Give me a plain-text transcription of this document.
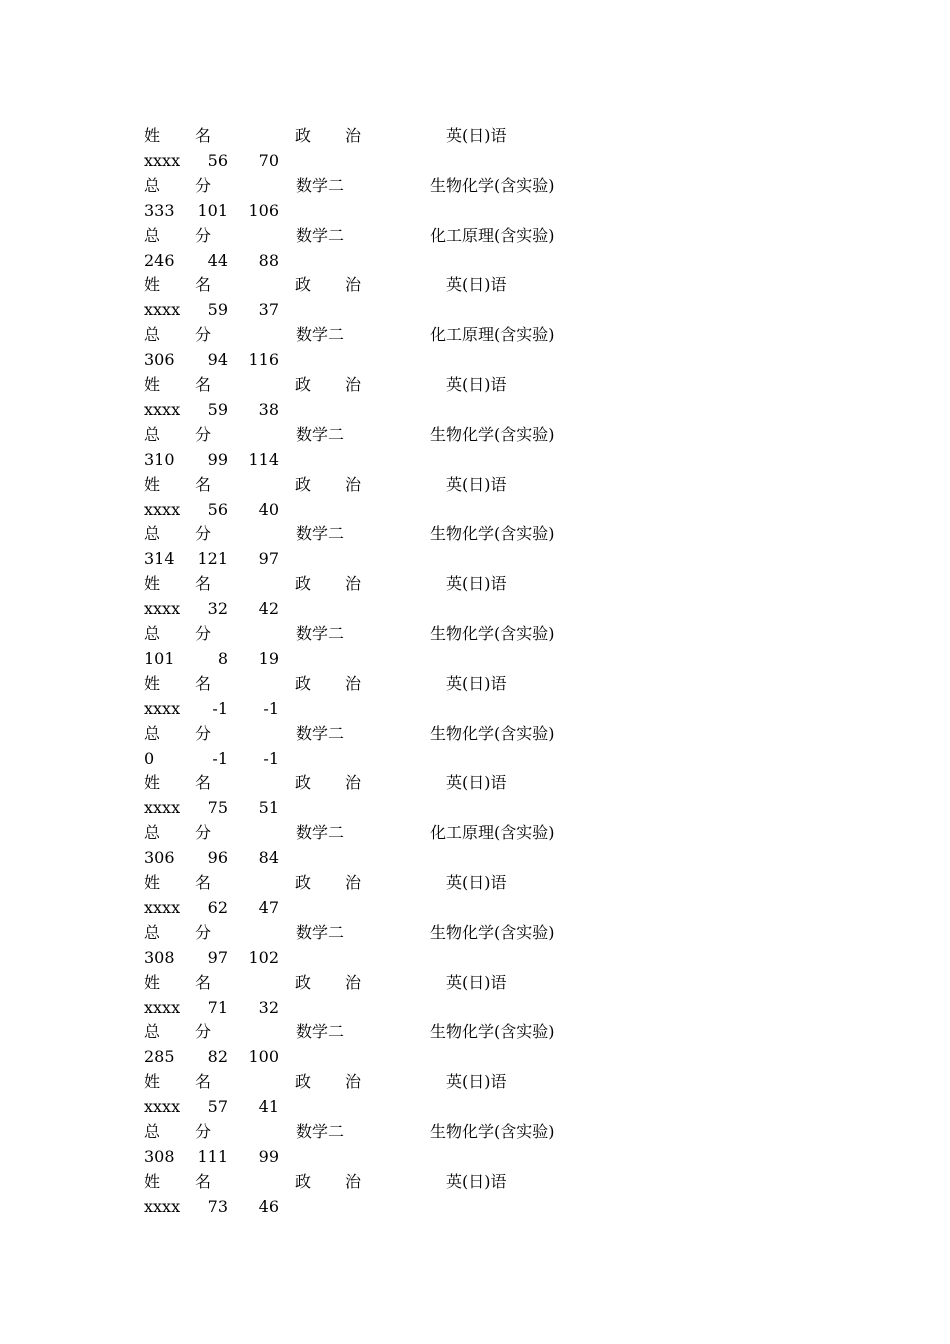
姓 名	政 治	英(日)语
xxxx 56 70
总 分	数学二	生物化学(含实验)
333 101 106
总 分	数学二	化工原理(含实验)
246 44 88
姓 名	政 治	英(日)语
xxxx 59 37
总 分	数学二	化工原理(含实验)
306 94 116
姓 名	政 治	英(日)语
xxxx 59 38
总 分	数学二	生物化学(含实验)
310 99 114
姓 名	政 治	英(日)语
xxxx 56 40
总 分	数学二	生物化学(含实验)
314 121 97
姓 名	政 治	英(日)语
xxxx 32 42
总 分	数学二	生物化学(含实验)
101	8 19
姓 名	政 治	英(日)语
xxxx -1 -1
总 分	数学二	生物化学(含实验)
0	-1 -1
姓 名	政 治	英(日)语
xxxx 75 51
总 分	数学二	化工原理(含实验)
306 96 84
姓 名	政 治	英(日)语
xxxx 62 47
总 分	数学二	生物化学(含实验)
308 97 102
姓 名	政 治	英(日)语
xxxx 71 32
总 分	数学二	生物化学(含实验)
285 82 100
姓 名	政 治	英(日)语
xxxx 57 41
总 分	数学二	生物化学(含实验)
308 111 99
姓 名	政 治	英(日)语
xxxx 73 46
